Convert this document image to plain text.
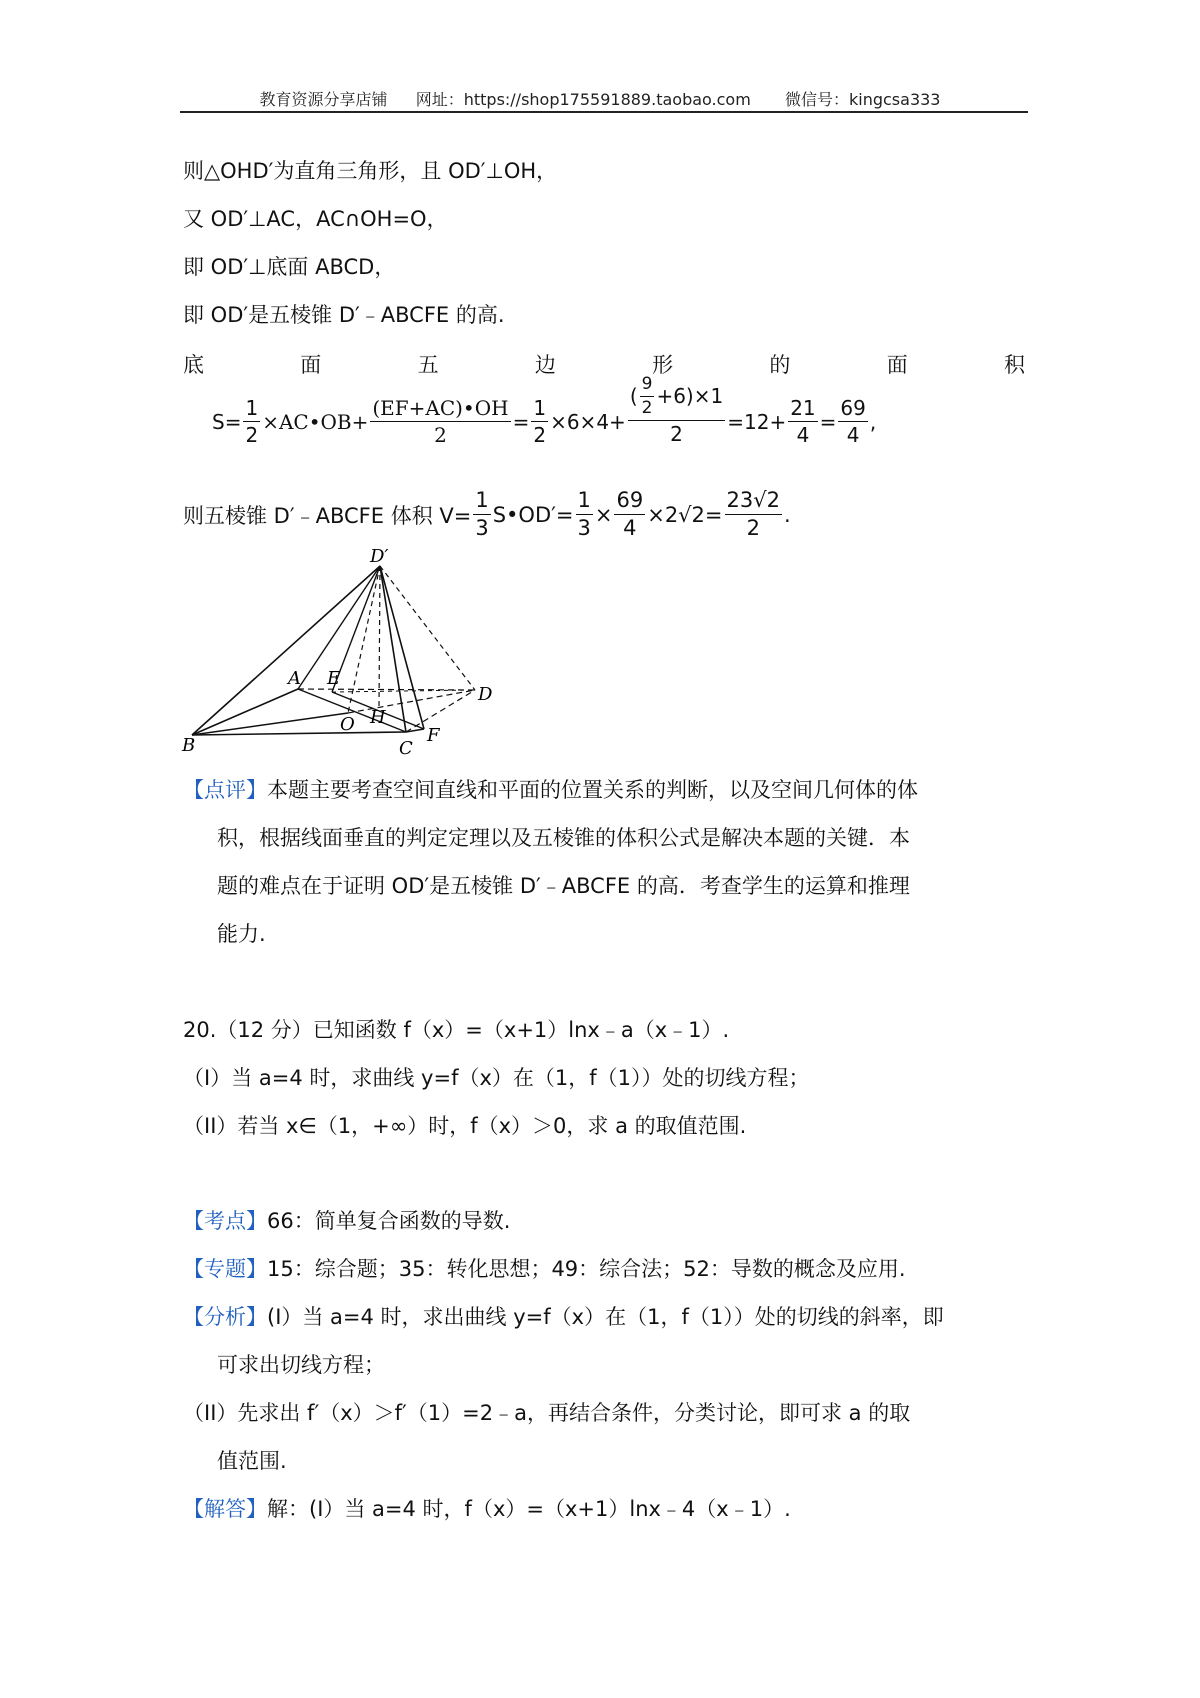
教育资源分享店铺 网址：https://shop175591889.taobao.com 微信号：kingcsa333
则△OHD′为直角三角形，且 OD′⊥OH，
又 OD′⊥AC，AC∩OH=O，
即 OD′⊥底面 ABCD，
即 OD′是五棱锥 D′﹣ABCFE 的高.
底	面	五	边	形	的	面	积
$S= \frac{1}{2}$ ×AC•OB+ $\frac{(EF+AC)•OH}{2} = \frac{1}{2} \times 6\times 4+ \frac{( \frac{9}{2} +6)\times 1}{2} =12+ \frac{21}{4} = \frac{69}{4}$ ,
则五棱锥 D′﹣ABCFE 体积 $V= \frac{1}{3}$ S•OD′= $\frac{1}{3} \times \frac{69}{4} \times 2√2= \frac{23√2}{2}$ .
D′
A E
D
O H
B	C
F
【点评】本题主要考查空间直线和平面的位置关系的判断，以及空间几何体的体
积，根据线面垂直的判定定理以及五棱锥的体积公式是解决本题的关键．本
题的难点在于证明 OD′是五棱锥 D′﹣ABCFE 的高．考查学生的运算和推理
能力.
20.（12 分）已知函数 f（x）=（x+1）lnx﹣a（x﹣1）.
（I）当 a=4 时，求曲线 y=f（x）在（1，f（1））处的切线方程；
（II）若当 x∈（1，+∞）时，f（x）＞0，求 a 的取值范围.
【考点】66：简单复合函数的导数.
【专题】15：综合题；35：转化思想；49：综合法；52：导数的概念及应用.
【分析】(I）当 a=4 时，求出曲线 y=f（x）在（1，f（1））处的切线的斜率，即
可求出切线方程；
（II）先求出 f′（x）＞f′（1）=2﹣a，再结合条件，分类讨论，即可求 a 的取
值范围.
【解答】解：(I）当 a=4 时，f（x）=（x+1）lnx﹣4（x﹣1）.
